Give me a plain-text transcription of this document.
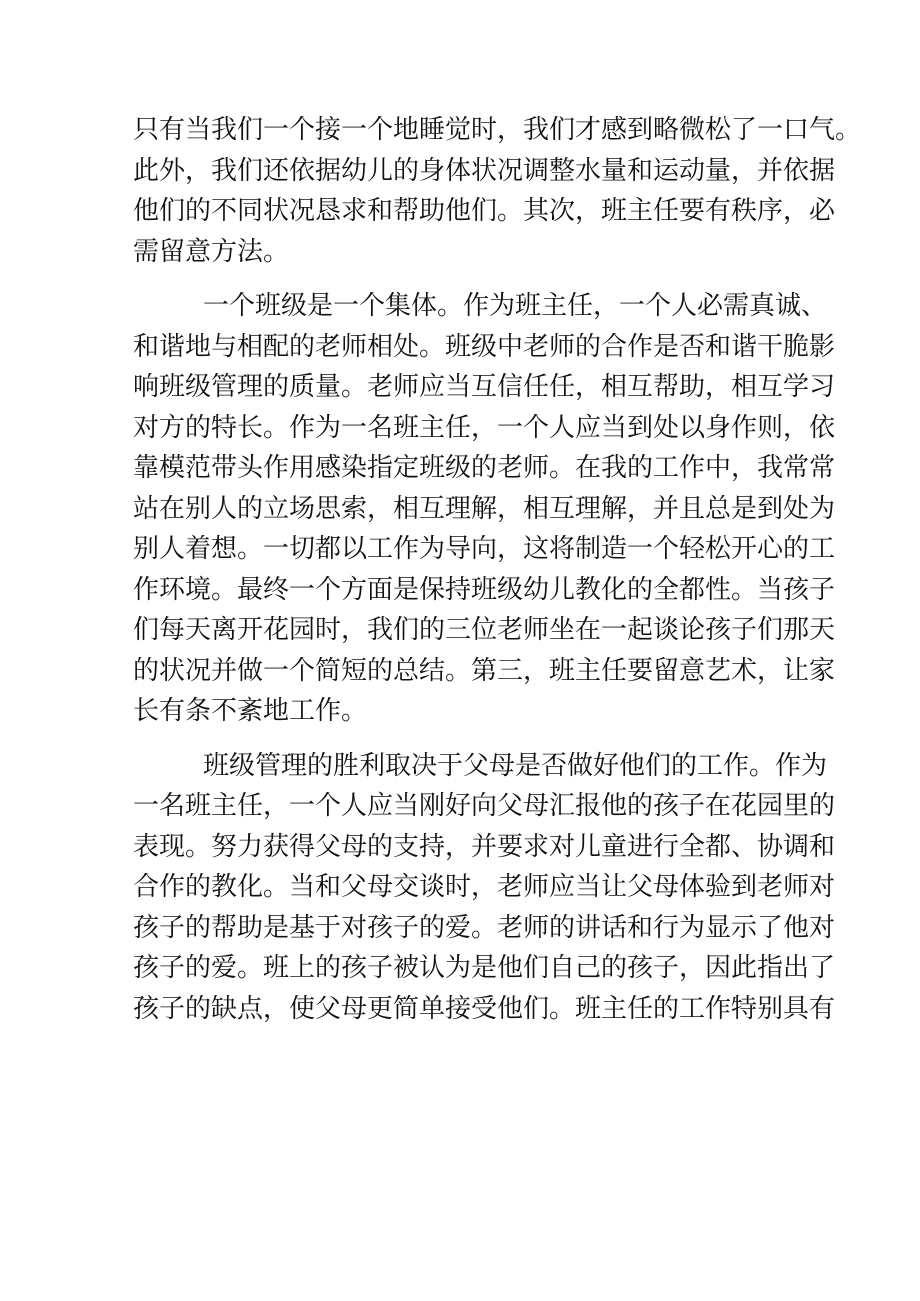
只有当我们一个接一个地睡觉时，我们才感到略微松了一口气。
此外，我们还依据幼儿的身体状况调整水量和运动量，并依据
他们的不同状况恳求和帮助他们。其次，班主任要有秩序，必
需留意方法。
一个班级是一个集体。作为班主任，一个人必需真诚、
和谐地与相配的老师相处。班级中老师的合作是否和谐干脆影
响班级管理的质量。老师应当互信任任，相互帮助，相互学习
对方的特长。作为一名班主任，一个人应当到处以身作则，依
靠模范带头作用感染指定班级的老师。在我的工作中，我常常
站在别人的立场思索，相互理解，相互理解，并且总是到处为
别人着想。一切都以工作为导向，这将制造一个轻松开心的工
作环境。最终一个方面是保持班级幼儿教化的全都性。当孩子
们每天离开花园时，我们的三位老师坐在一起谈论孩子们那天
的状况并做一个简短的总结。第三，班主任要留意艺术，让家
长有条不紊地工作。
班级管理的胜利取决于父母是否做好他们的工作。作为
一名班主任，一个人应当刚好向父母汇报他的孩子在花园里的
表现。努力获得父母的支持，并要求对儿童进行全都、协调和
合作的教化。当和父母交谈时，老师应当让父母体验到老师对
孩子的帮助是基于对孩子的爱。老师的讲话和行为显示了他对
孩子的爱。班上的孩子被认为是他们自己的孩子，因此指出了
孩子的缺点，使父母更简单接受他们。班主任的工作特别具有
